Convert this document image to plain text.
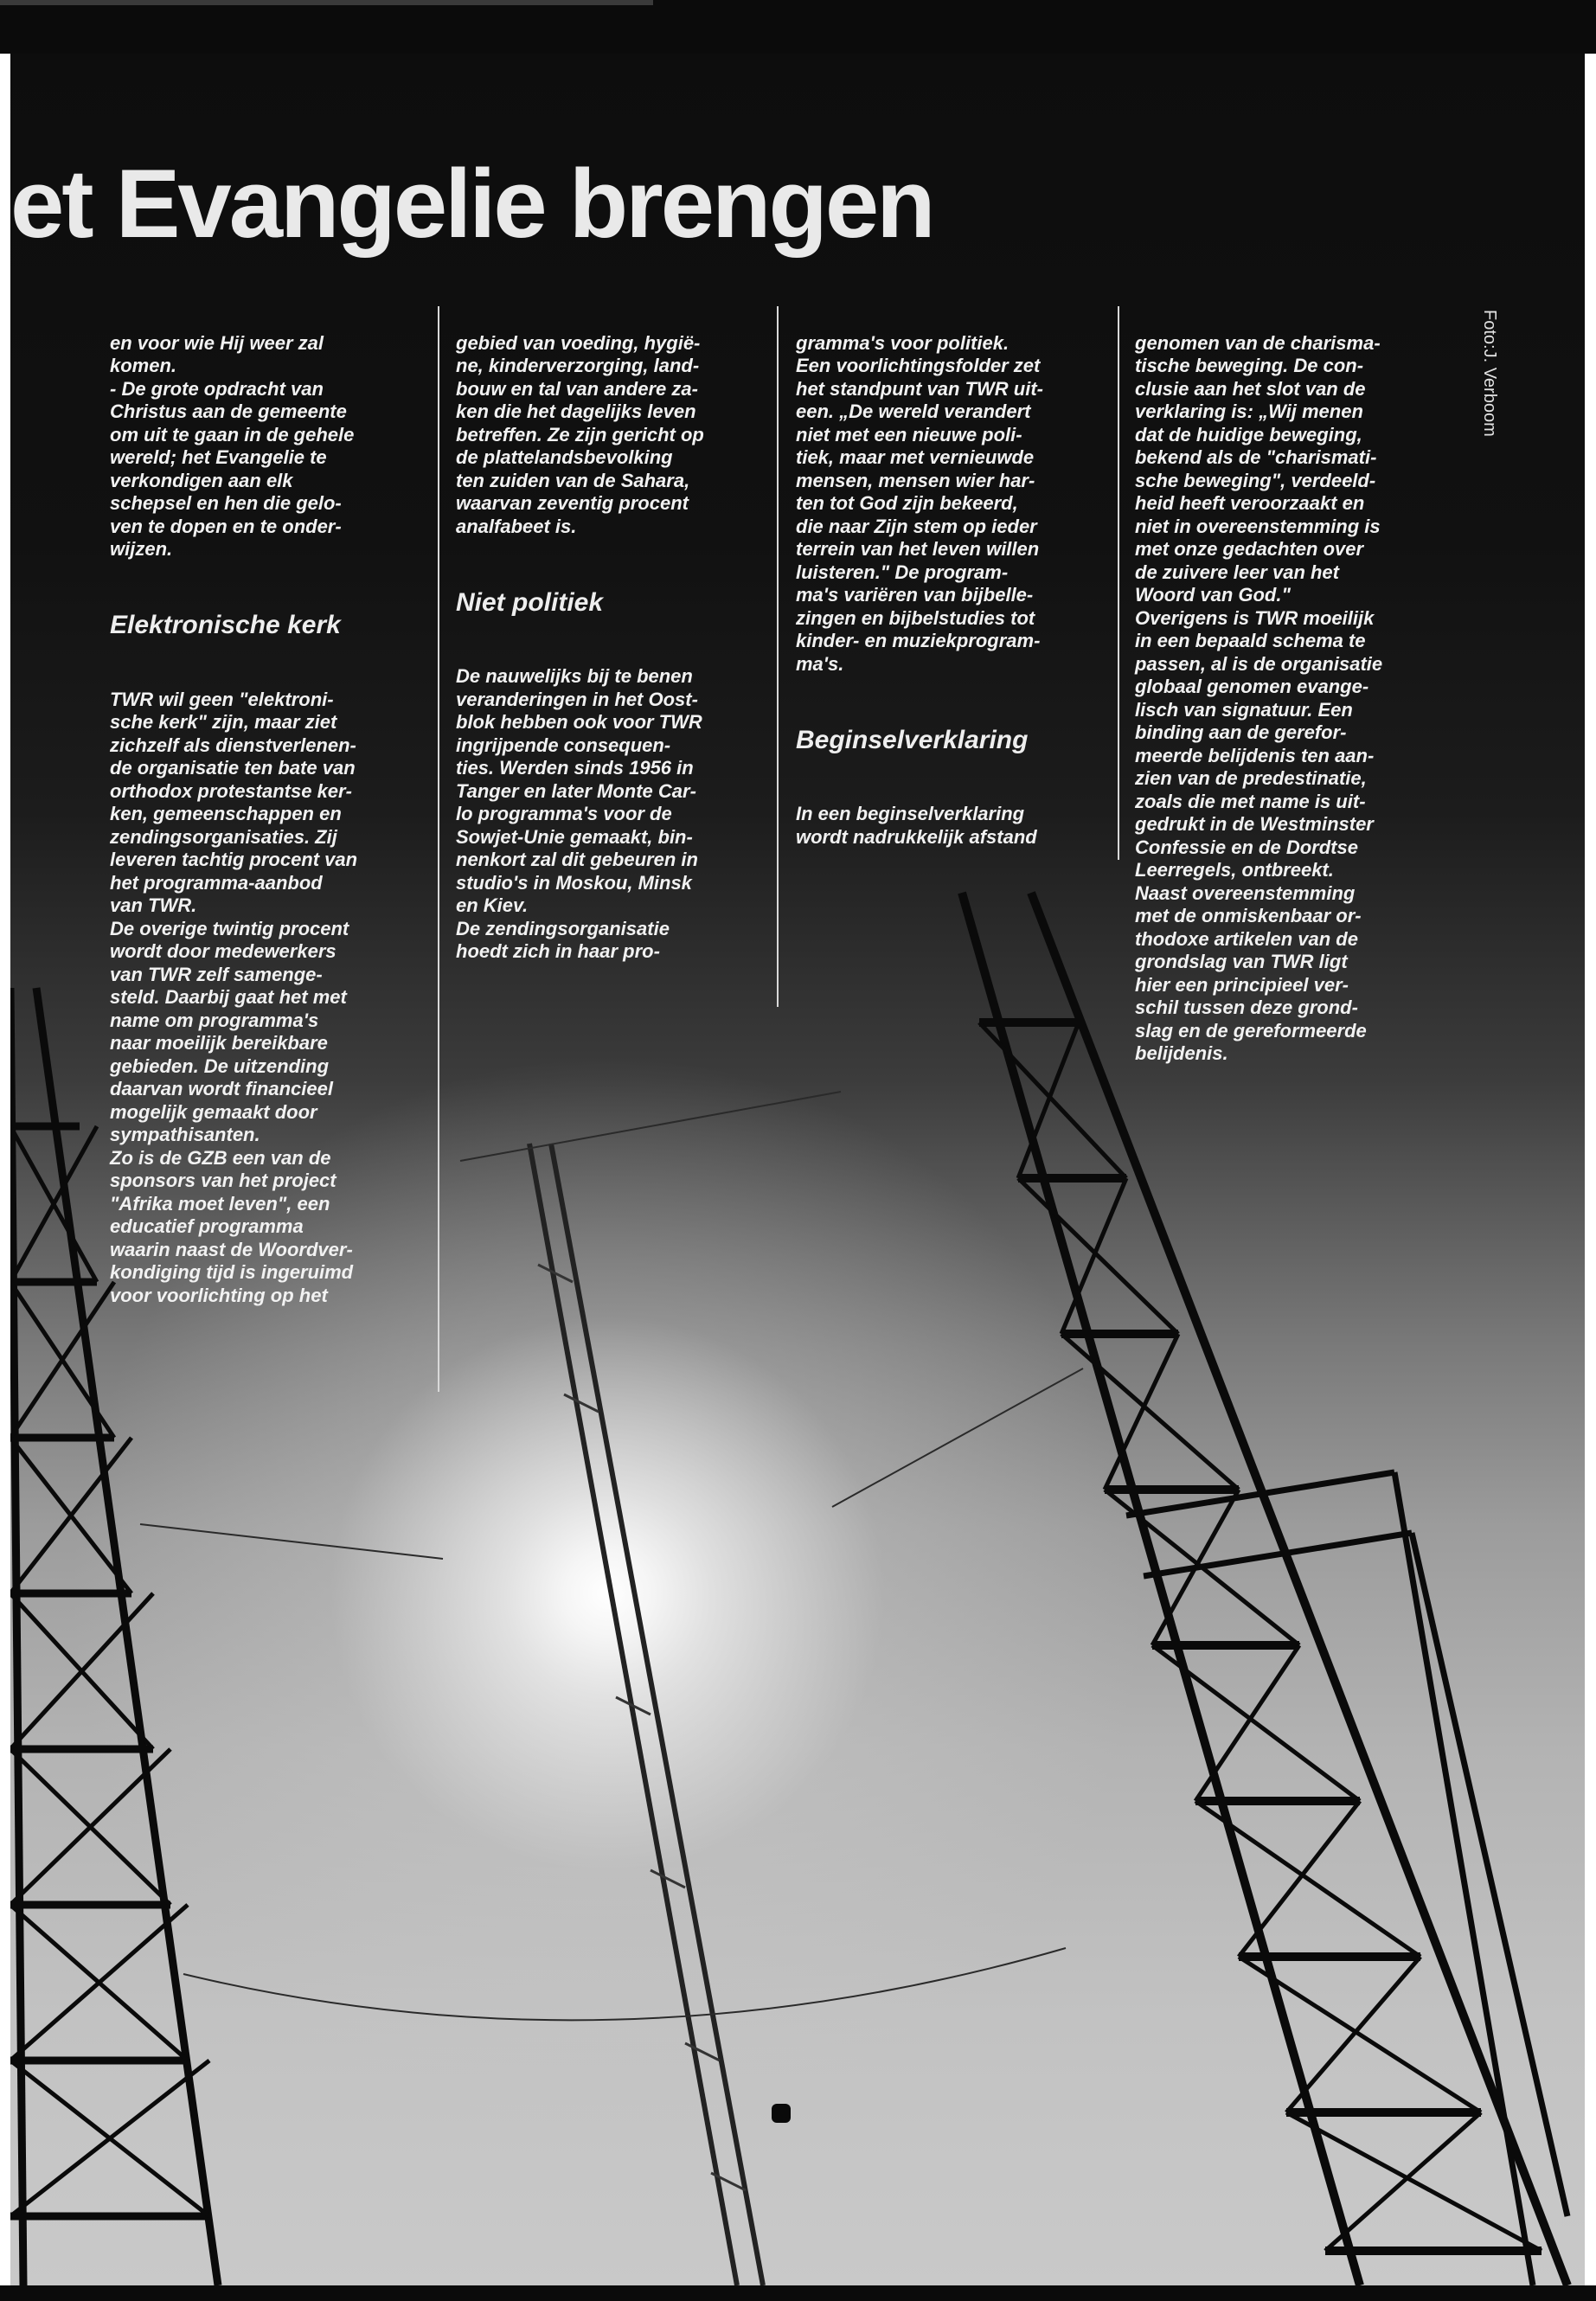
et Evangelie brengen

en voor wie Hij weer zal
komen.
- De grote opdracht van
Christus aan de gemeente
om uit te gaan in de gehele
wereld; het Evangelie te
verkondigen aan elk
schepsel en hen die gelo-
ven te dopen en te onder-
wijzen.

Elektronische kerk

TWR wil geen "elektroni-
sche kerk" zijn, maar ziet
zichzelf als dienstverlenen-
de organisatie ten bate van
orthodox protestantse ker-
ken, gemeenschappen en
zendingsorganisaties. Zij
leveren tachtig procent van
het programma-aanbod
van TWR.
De overige twintig procent
wordt door medewerkers
van TWR zelf samenge-
steld. Daarbij gaat het met
name om programma's
naar moeilijk bereikbare
gebieden. De uitzending
daarvan wordt financieel
mogelijk gemaakt door
sympathisanten.
Zo is de GZB een van de
sponsors van het project
"Afrika moet leven", een
educatief programma
waarin naast de Woordver-
kondiging tijd is ingeruimd
voor voorlichting op het

gebied van voeding, hygië-
ne, kinderverzorging, land-
bouw en tal van andere za-
ken die het dagelijks leven
betreffen. Ze zijn gericht op
de plattelandsbevolking
ten zuiden van de Sahara,
waarvan zeventig procent
analfabeet is.

Niet politiek

De nauwelijks bij te benen
veranderingen in het Oost-
blok hebben ook voor TWR
ingrijpende consequen-
ties. Werden sinds 1956 in
Tanger en later Monte Car-
lo programma's voor de
Sowjet-Unie gemaakt, bin-
nenkort zal dit gebeuren in
studio's in Moskou, Minsk
en Kiev.
De zendingsorganisatie
hoedt zich in haar pro-

gramma's voor politiek.
Een voorlichtingsfolder zet
het standpunt van TWR uit-
een. „De wereld verandert
niet met een nieuwe poli-
tiek, maar met vernieuwde
mensen, mensen wier har-
ten tot God zijn bekeerd,
die naar Zijn stem op ieder
terrein van het leven willen
luisteren." De program-
ma's variëren van bijbelle-
zingen en bijbelstudies tot
kinder- en muziekprogram-
ma's.

Beginselverklaring

In een beginselverklaring
wordt nadrukkelijk afstand

genomen van de charisma-
tische beweging. De con-
clusie aan het slot van de
verklaring is: „Wij menen
dat de huidige beweging,
bekend als de "charismati-
sche beweging", verdeeld-
heid heeft veroorzaakt en
niet in overeenstemming is
met onze gedachten over
de zuivere leer van het
Woord van God."
Overigens is TWR moeilijk
in een bepaald schema te
passen, al is de organisatie
globaal genomen evange-
lisch van signatuur. Een
binding aan de gerefor-
meerde belijdenis ten aan-
zien van de predestinatie,
zoals die met name is uit-
gedrukt in de Westminster
Confessie en de Dordtse
Leerregels, ontbreekt.
Naast overeenstemming
met de onmiskenbaar or-
thodoxe artikelen van de
grondslag van TWR ligt
hier een principieel ver-
schil tussen deze grond-
slag en de gereformeerde
belijdenis.

Foto:J. Verboom
